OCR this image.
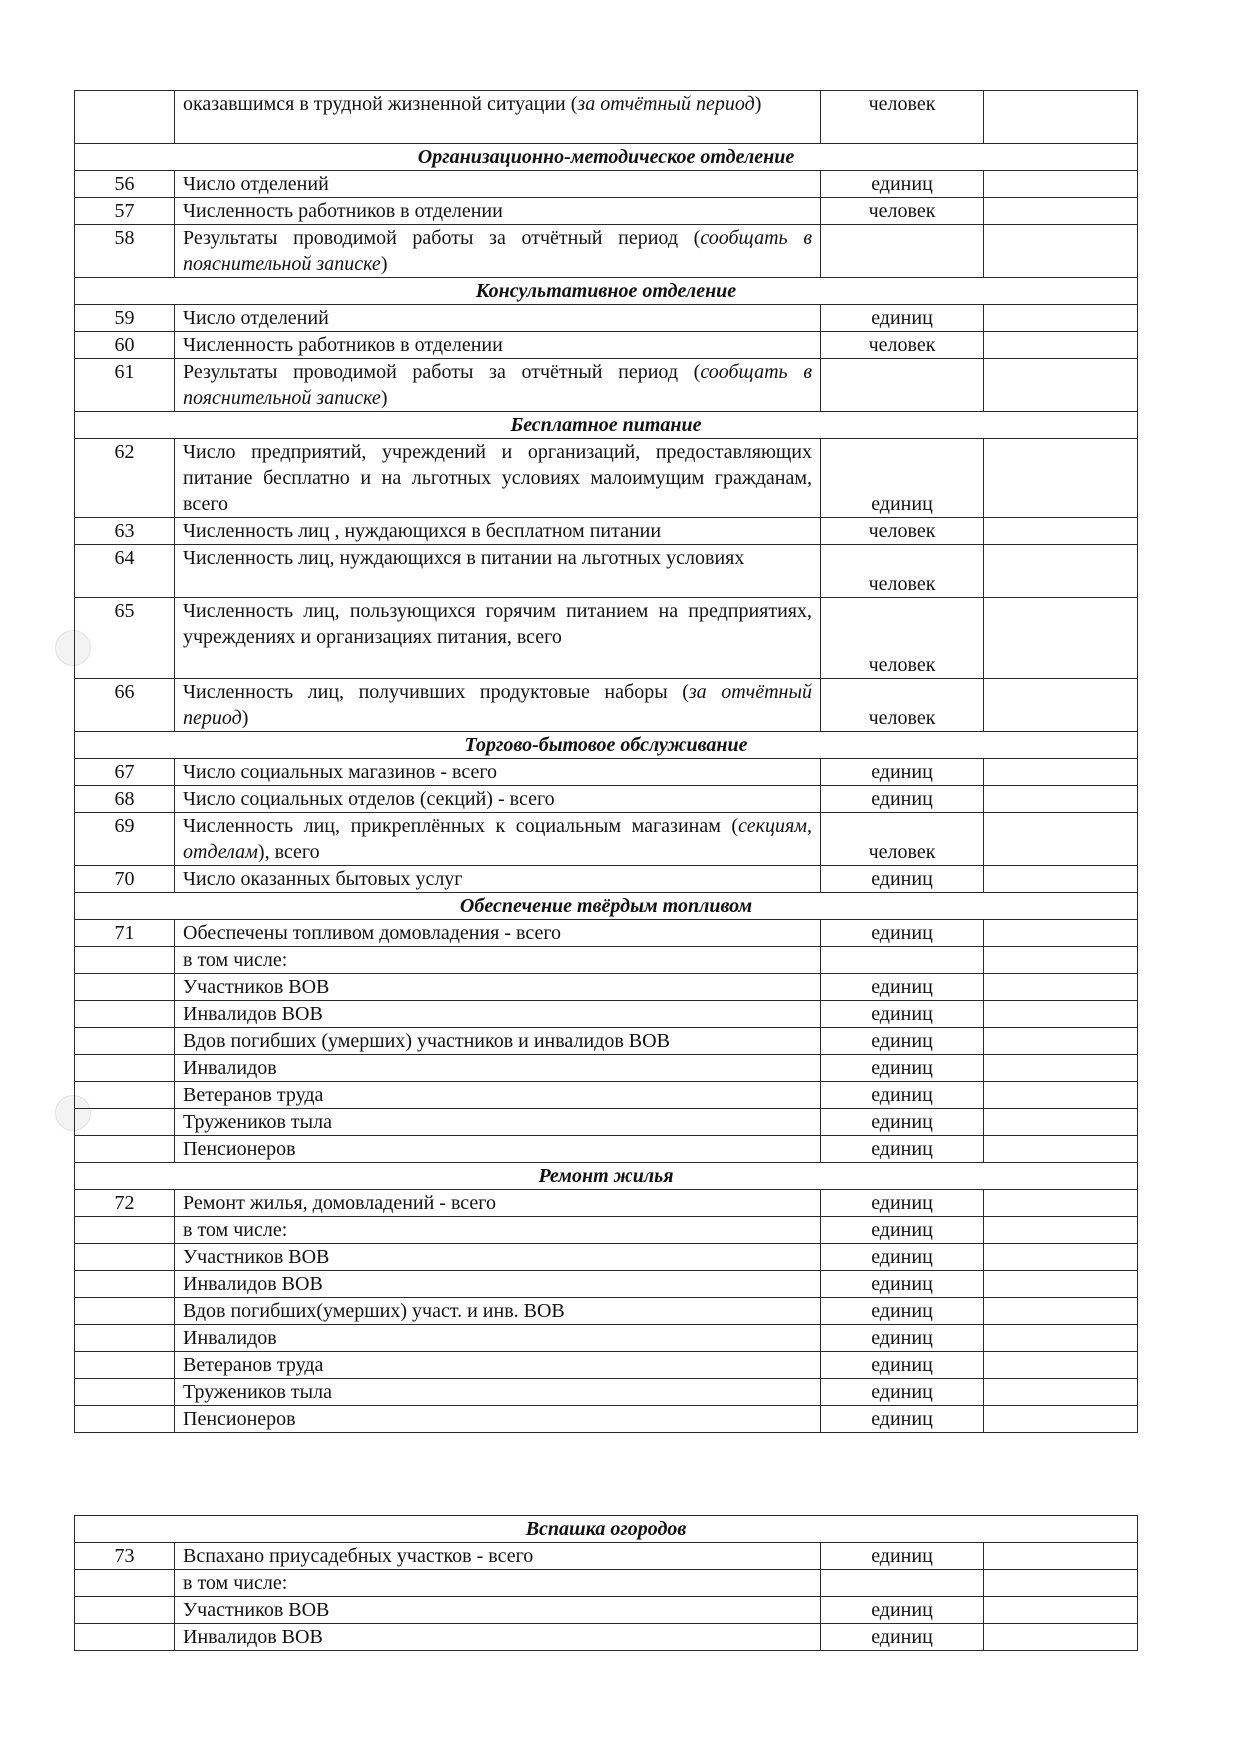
	оказавшимся в трудной жизненной ситуации (за отчётный период)	человек	
Организационно-методическое отделение			
56	Число отделений	единиц	
57	Численность работников в отделении	человек	
58	Результаты проводимой работы за отчётный период (сообщать в пояснительной записке)		
Консультативное отделение			
59	Число отделений	единиц	
60	Численность работников в отделении	человек	
61	Результаты проводимой работы за отчётный период (сообщать в пояснительной записке)		
Бесплатное питание			
62	Число предприятий, учреждений и организаций, предоставляющих питание бесплатно и на льготных условиях малоимущим гражданам, всего	единиц	
63	Численность лиц , нуждающихся в бесплатном питании	человек	
64	Численность лиц, нуждающихся в питании на льготных условиях	человек	
65	Численность лиц, пользующихся горячим питанием на предприятиях, учреждениях и организациях питания, всего	человек	
66	Численность лиц, получивших продуктовые наборы (за отчётный период)	человек	
Торгово-бытовое обслуживание			
67	Число социальных магазинов - всего	единиц	
68	Число социальных отделов (секций) - всего	единиц	
69	Численность лиц, прикреплённых к социальным магазинам (секциям, отделам), всего	человек	
70	Число оказанных бытовых услуг	единиц	
Обеспечение твёрдым топливом			
71	Обеспечены топливом домовладения - всего	единиц	
	в том числе:		
	Участников ВОВ	единиц	
	Инвалидов ВОВ	единиц	
	Вдов погибших (умерших) участников и инвалидов ВОВ	единиц	
	Инвалидов	единиц	
	Ветеранов труда	единиц	
	Тружеников тыла	единиц	
	Пенсионеров	единиц	
Ремонт жилья			
72	Ремонт жилья, домовладений - всего	единиц	
	в том числе:	единиц	
	Участников ВОВ	единиц	
	Инвалидов ВОВ	единиц	
	Вдов погибших(умерших) участ. и инв. ВОВ	единиц	
	Инвалидов	единиц	
	Ветеранов труда	единиц	
	Тружеников тыла	единиц	
	Пенсионеров	единиц	
Вспашка огородов			
73	Вспахано приусадебных участков - всего	единиц	
	в том числе:		
	Участников ВОВ	единиц	
	Инвалидов ВОВ	единиц	
